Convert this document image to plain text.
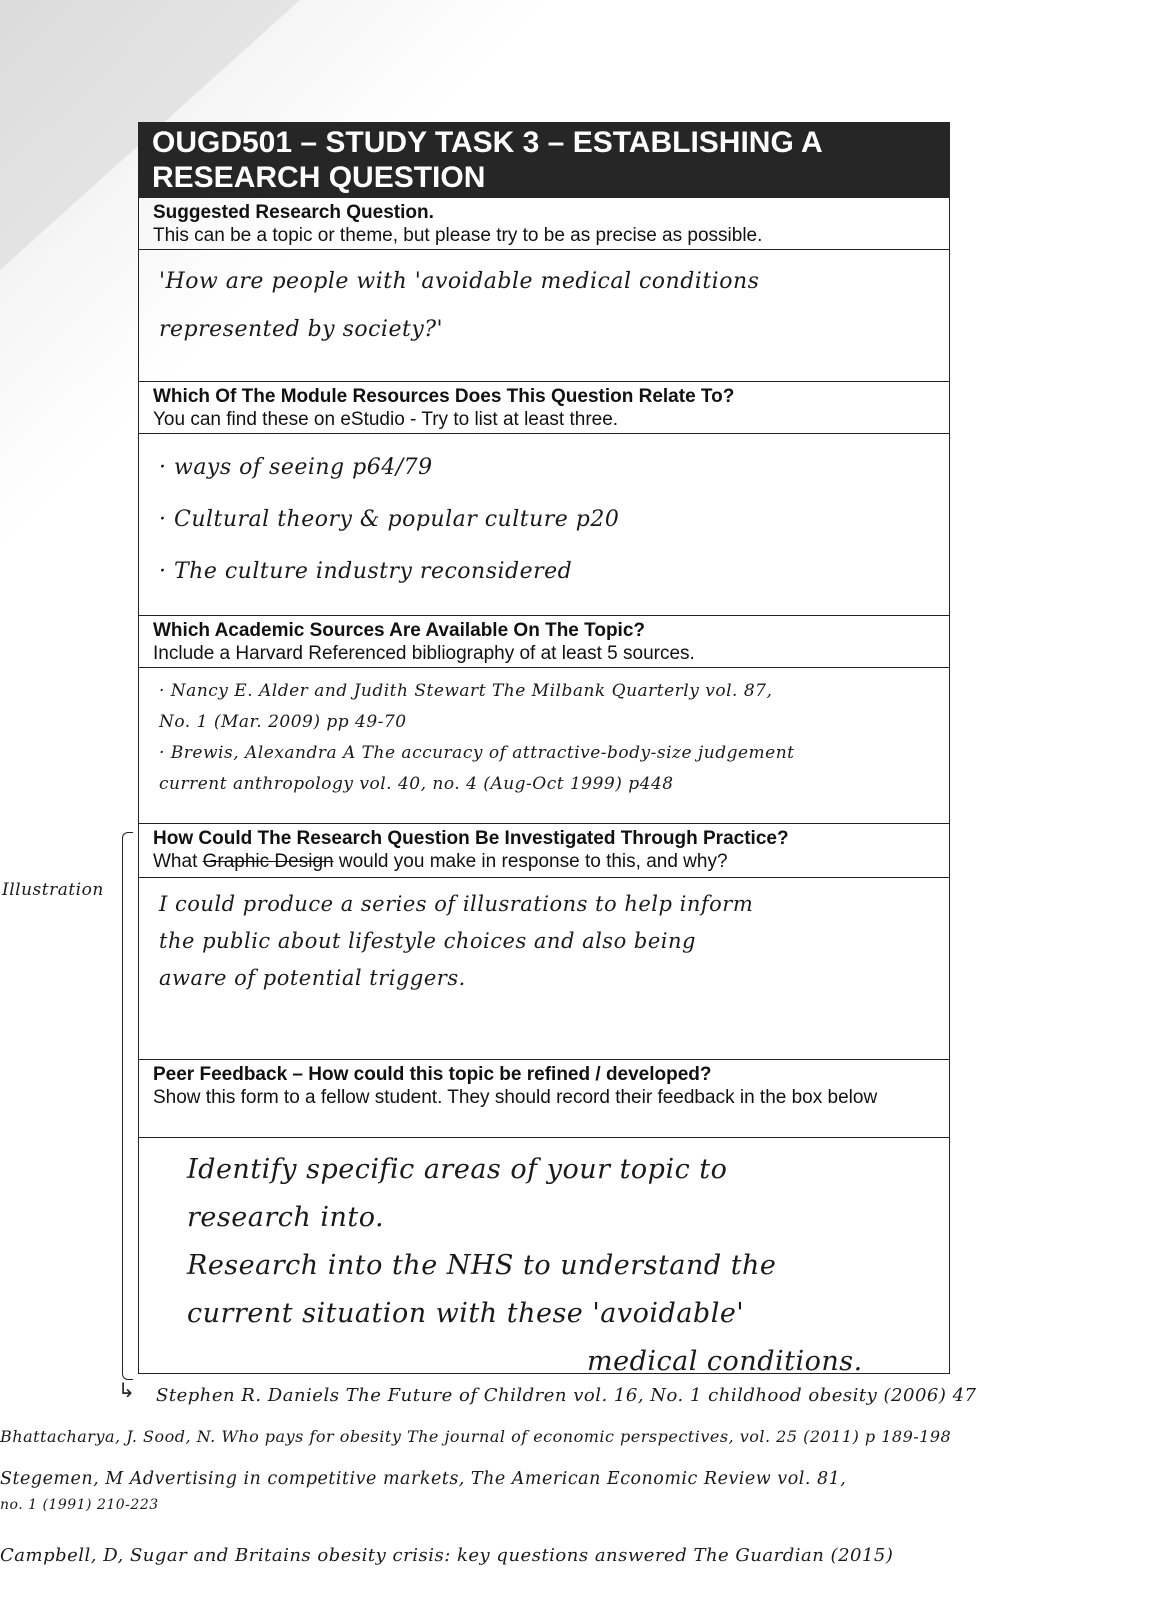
OUGD501 – STUDY TASK 3 – ESTABLISHING A RESEARCH QUESTION
Suggested Research Question.
This can be a topic or theme, but please try to be as precise as possible.
'How are people with 'avoidable medical conditions
represented by society?'
Which Of The Module Resources Does This Question Relate To?
You can find these on eStudio - Try to list at least three.
· ways of seeing p64/79
· Cultural theory & popular culture p20
· The culture industry reconsidered
Which Academic Sources Are Available On The Topic?
Include a Harvard Referenced bibliography of at least 5 sources.
· Nancy E. Alder and Judith Stewart The Milbank Quarterly vol. 87,
No. 1 (Mar. 2009) pp 49-70
· Brewis, Alexandra A The accuracy of attractive-body-size judgement
current anthropology vol. 40, no. 4 (Aug-Oct 1999) p448
How Could The Research Question Be Investigated Through Practice?
What Graphic Design would you make in response to this, and why?
I could produce a series of illusrations to help inform
the public about lifestyle choices and also being
aware of potential triggers.
Peer Feedback – How could this topic be refined / developed?
Show this form to a fellow student. They should record their feedback in the box below
Identify specific areas of your topic to
research into.
Research into the NHS to understand the
current situation with these 'avoidable'
medical conditions.
Illustration
↳ Stephen R. Daniels The Future of Children vol. 16, No. 1 childhood obesity (2006) 47
Bhattacharya, J. Sood, N. Who pays for obesity The journal of economic perspectives, vol. 25 (2011) p 189-198
Stegemen, M Advertising in competitive markets, The American Economic Review vol. 81,
no. 1 (1991) 210-223
Campbell, D, Sugar and Britains obesity crisis: key questions answered The Guardian (2015)
